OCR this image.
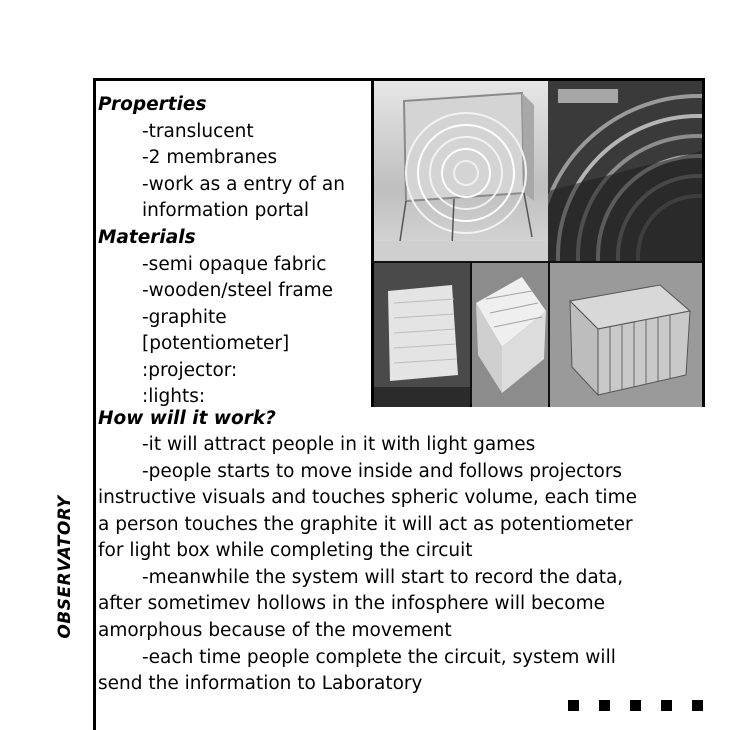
OBSERVATORY
Properties
-translucent
-2 membranes
-work as a entry of an
information portal
Materials
-semi opaque fabric
-wooden/steel frame
-graphite
[potentiometer]
:projector:
:lights:
How will it work?
-it will attract people in it with light games
-people starts to move inside and follows projectors
instructive visuals and touches spheric volume, each time
a person touches the graphite it will act as potentiometer
for light box while completing the circuit
-meanwhile the system will start to record the data,
after sometimev hollows in the infosphere will become
amorphous because of the movement
-each time people complete the circuit, system will
send the information to Laboratory
